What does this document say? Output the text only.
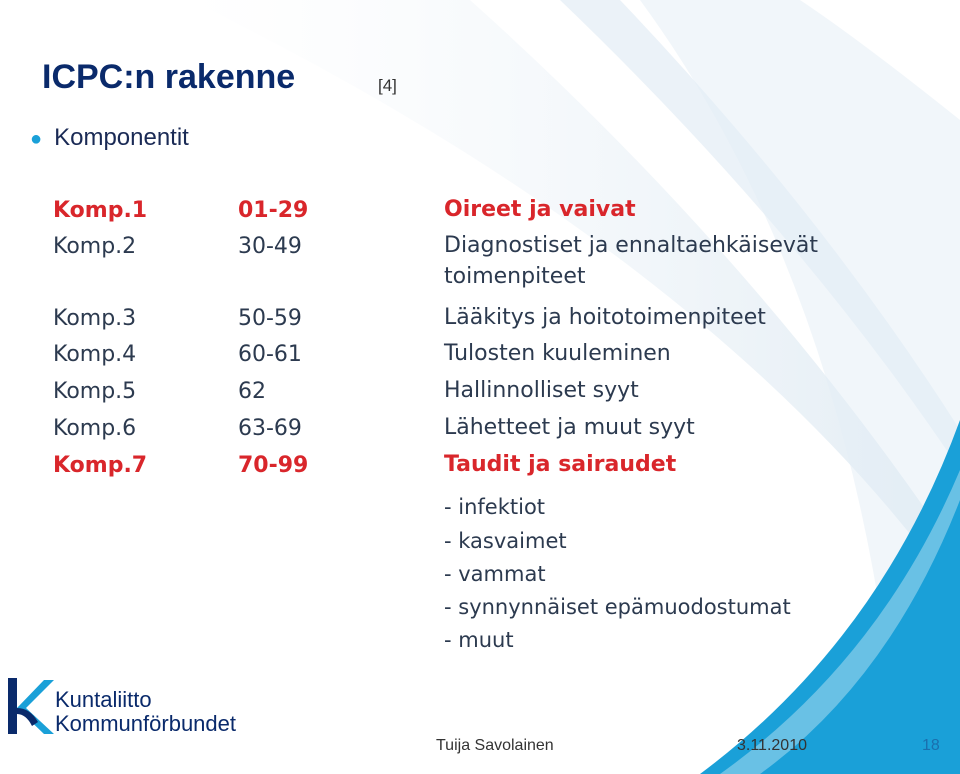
ICPC:n rakenne	[4]
● Komponentit
Komp.1	01-29	Oireet ja vaivat
Komp.2	30-49	Diagnostiset ja ennaltaehkäisevät toimenpiteet
Komp.3	50-59	Lääkitys ja hoitotoimenpiteet
Komp.4	60-61	Tulosten kuuleminen
Komp.5	62	Hallinnolliset syyt
Komp.6	63-69	Lähetteet ja muut syyt
Komp.7	70-99	Taudit ja sairaudet
- infektiot
- kasvaimet
- vammat
- synnynnäiset epämuodostumat
- muut
Kuntaliitto
Kommunförbundet
Tuija Savolainen	3.11.2010	18
